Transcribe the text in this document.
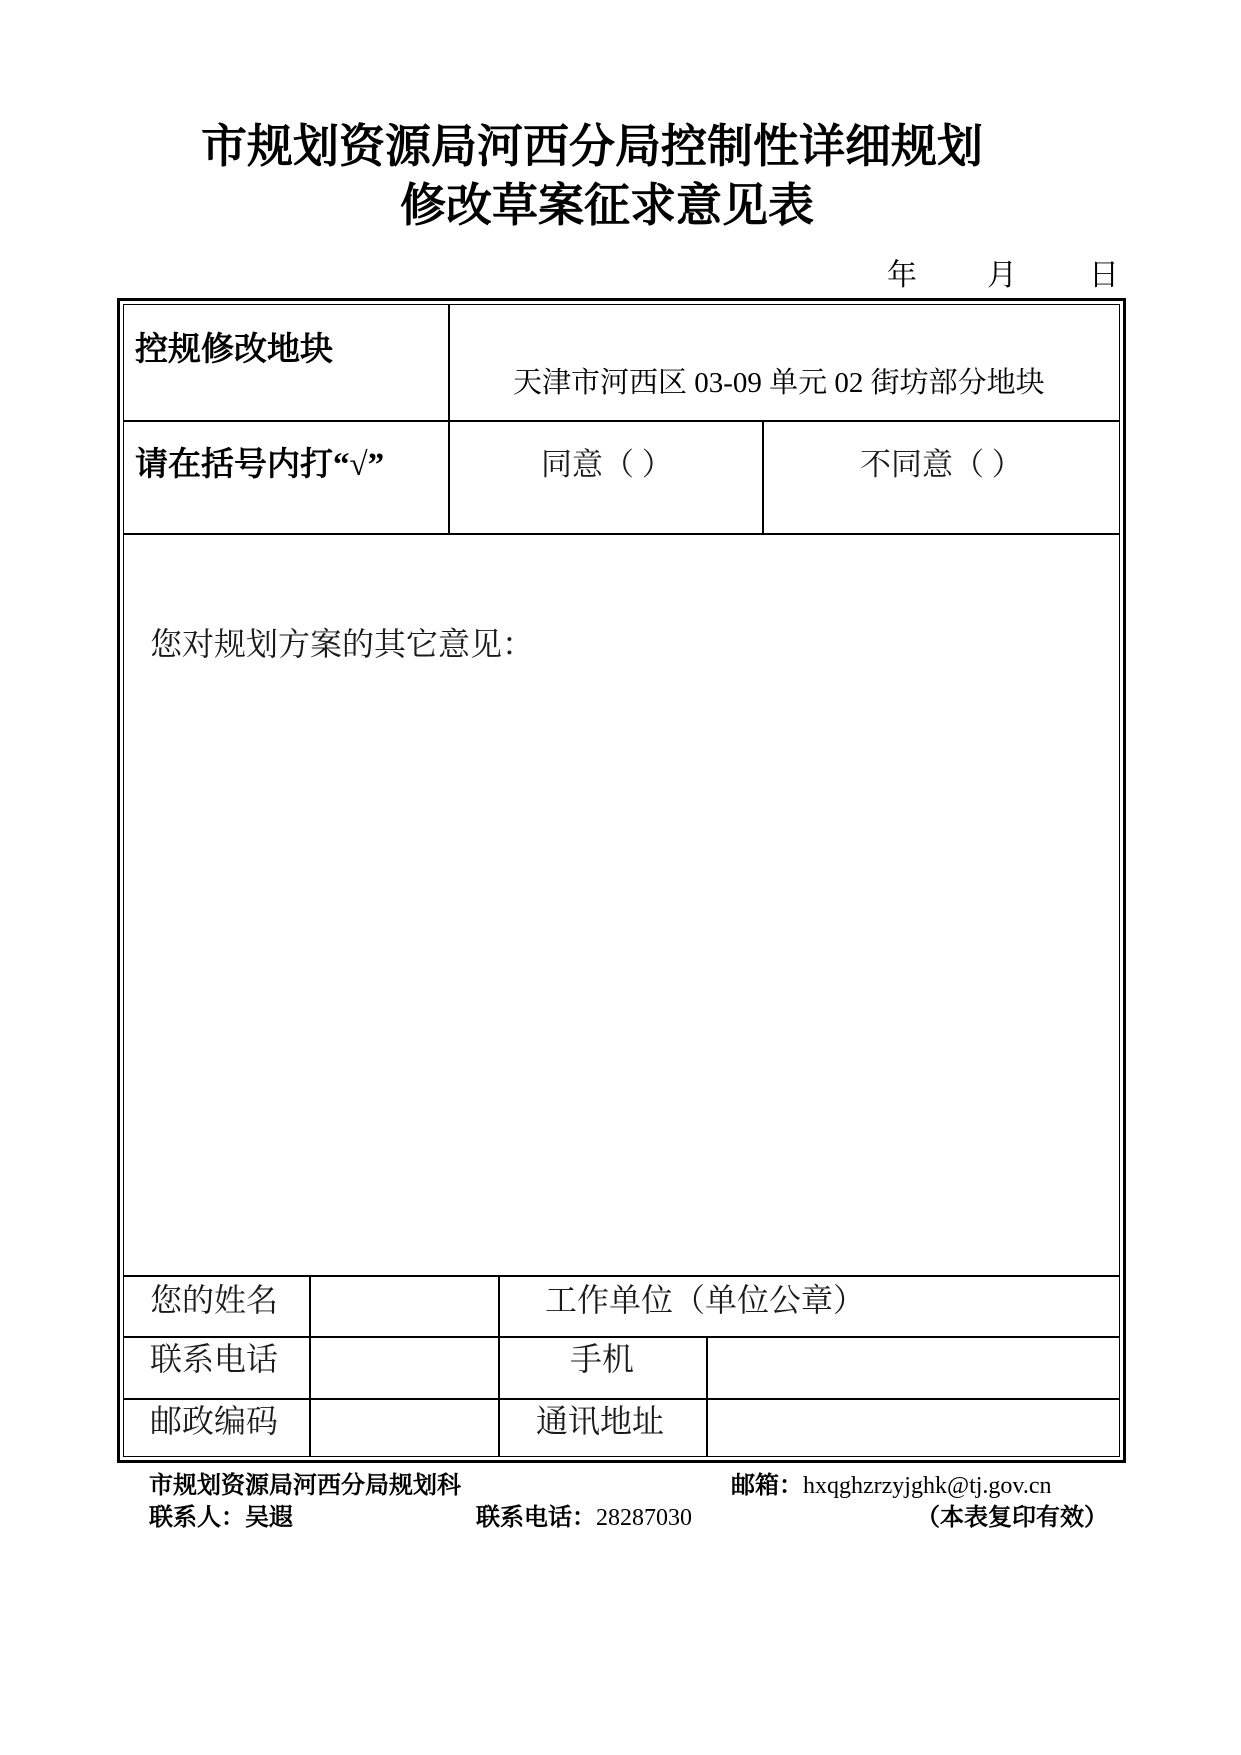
市规划资源局河西分局控制性详细规划
修改草案征求意见表
年 月 日
控规修改地块
天津市河西区 03-09 单元 02 街坊部分地块
请在括号内打“√”	同意（ ）	不同意（ ）
您对规划方案的其它意见：
您的姓名	工作单位（单位公章）
联系电话	手机
邮政编码	通讯地址
市规划资源局河西分局规划科	邮箱：hxqghzrzyjghk@tj.gov.cn
联系人：吴遐	联系电话：28287030	（本表复印有效）
